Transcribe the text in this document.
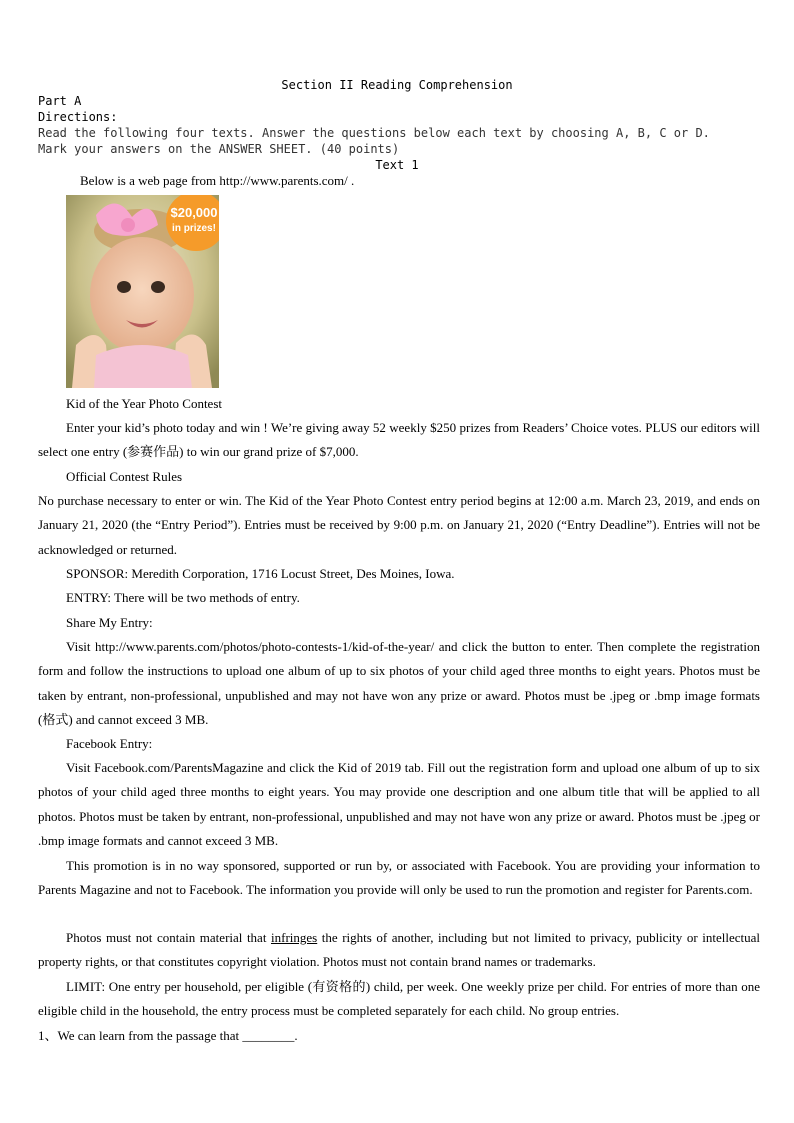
Section II Reading Comprehension
Part A
Directions:
Read the following four texts. Answer the questions below each text by choosing A, B, C or D. Mark your answers on the ANSWER SHEET. (40 points)
Text 1
Below is a web page from http://www.parents.com/ .
$20,000
in prizes!
Kid of the Year Photo Contest

Enter your kid’s photo today and win ! We’re giving away 52 weekly $250 prizes from Readers’ Choice votes. PLUS our editors will select one entry (参赛作品) to win our grand prize of $7,000.

Official Contest Rules

No purchase necessary to enter or win. The Kid of the Year Photo Contest entry period begins at 12:00 a.m. March 23, 2019, and ends on January 21, 2020 (the “Entry Period”). Entries must be received by 9:00 p.m. on January 21, 2020 (“Entry Deadline”). Entries will not be acknowledged or returned.

SPONSOR: Meredith Corporation, 1716 Locust Street, Des Moines, Iowa.
ENTRY: There will be two methods of entry.
Share My Entry:

Visit http://www.parents.com/photos/photo-contests-1/kid-of-the-year/ and click the button to enter. Then complete the registration form and follow the instructions to upload one album of up to six photos of your child aged three months to eight years. Photos must be taken by entrant, non-professional, unpublished and may not have won any prize or award. Photos must be .jpeg or .bmp image formats (格式) and cannot exceed 3 MB.

Facebook Entry:

Visit Facebook.com/ParentsMagazine and click the Kid of 2019 tab. Fill out the registration form and upload one album of up to six photos of your child aged three months to eight years. You may provide one description and one album title that will be applied to all photos. Photos must be taken by entrant, non-professional, unpublished and may not have won any prize or award. Photos must be .jpeg or .bmp image formats and cannot exceed 3 MB.

This promotion is in no way sponsored, supported or run by, or associated with Facebook. You are providing your information to Parents Magazine and not to Facebook. The information you provide will only be used to run the promotion and register for Parents.com.

Photos must not contain material that infringes the rights of another, including but not limited to privacy, publicity or intellectual property rights, or that constitutes copyright violation. Photos must not contain brand names or trademarks.

LIMIT: One entry per household, per eligible (有资格的) child, per week. One weekly prize per child. For entries of more than one eligible child in the household, the entry process must be completed separately for each child. No group entries.

1、We can learn from the passage that ________.
